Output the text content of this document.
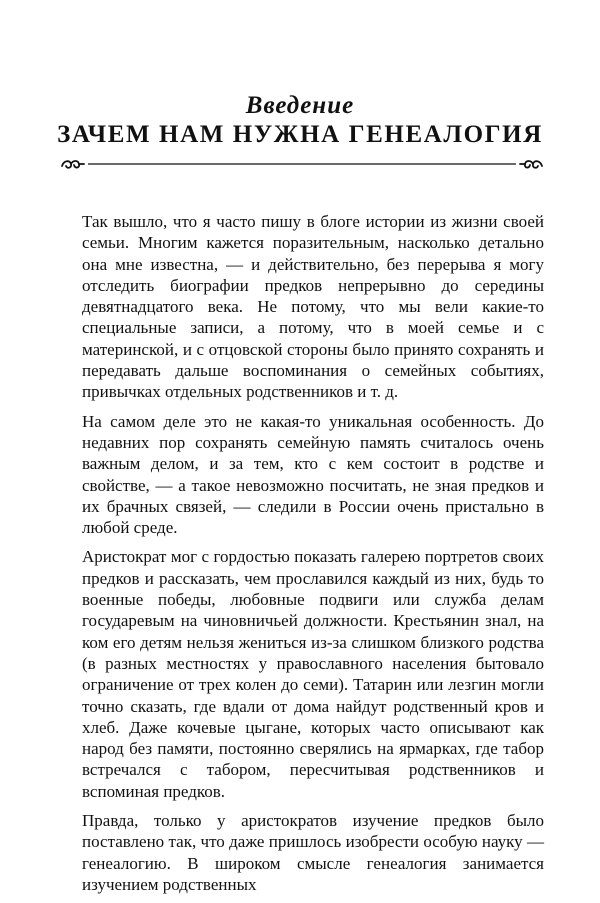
Введение
ЗАЧЕМ НАМ НУЖНА ГЕНЕАЛОГИЯ

Так вышло, что я часто пишу в блоге истории из жизни своей семьи. Многим кажется поразительным, насколько детально она мне известна, — и действительно, без перерыва я могу отследить биографии предков непрерывно до середины девятнадцатого века. Не потому, что мы вели какие-то специальные записи, а потому, что в моей семье и с материнской, и с отцовской стороны было принято сохранять и передавать дальше воспоминания о семейных событиях, привычках отдельных родственников и т. д.

На самом деле это не какая-то уникальная особенность. До недавних пор сохранять семейную память считалось очень важным делом, и за тем, кто с кем состоит в родстве и свойстве, — а такое невозможно посчитать, не зная предков и их брачных связей, — следили в России очень пристально в любой среде.

Аристократ мог с гордостью показать галерею портретов своих предков и рассказать, чем прославился каждый из них, будь то военные победы, любовные подвиги или служба делам государевым на чиновничьей должности. Крестьянин знал, на ком его детям нельзя жениться из-за слишком близкого родства (в разных местностях у православного населения бытовало ограничение от трех колен до семи). Татарин или лезгин могли точно сказать, где вдали от дома найдут родственный кров и хлеб. Даже кочевые цыгане, которых часто описывают как народ без памяти, постоянно сверялись на ярмарках, где табор встречался с табором, пересчитывая родственников и вспоминая предков.

Правда, только у аристократов изучение предков было поставлено так, что даже пришлось изобрести особую науку — генеалогию. В широком смысле генеалогия занимается изучением родственных
